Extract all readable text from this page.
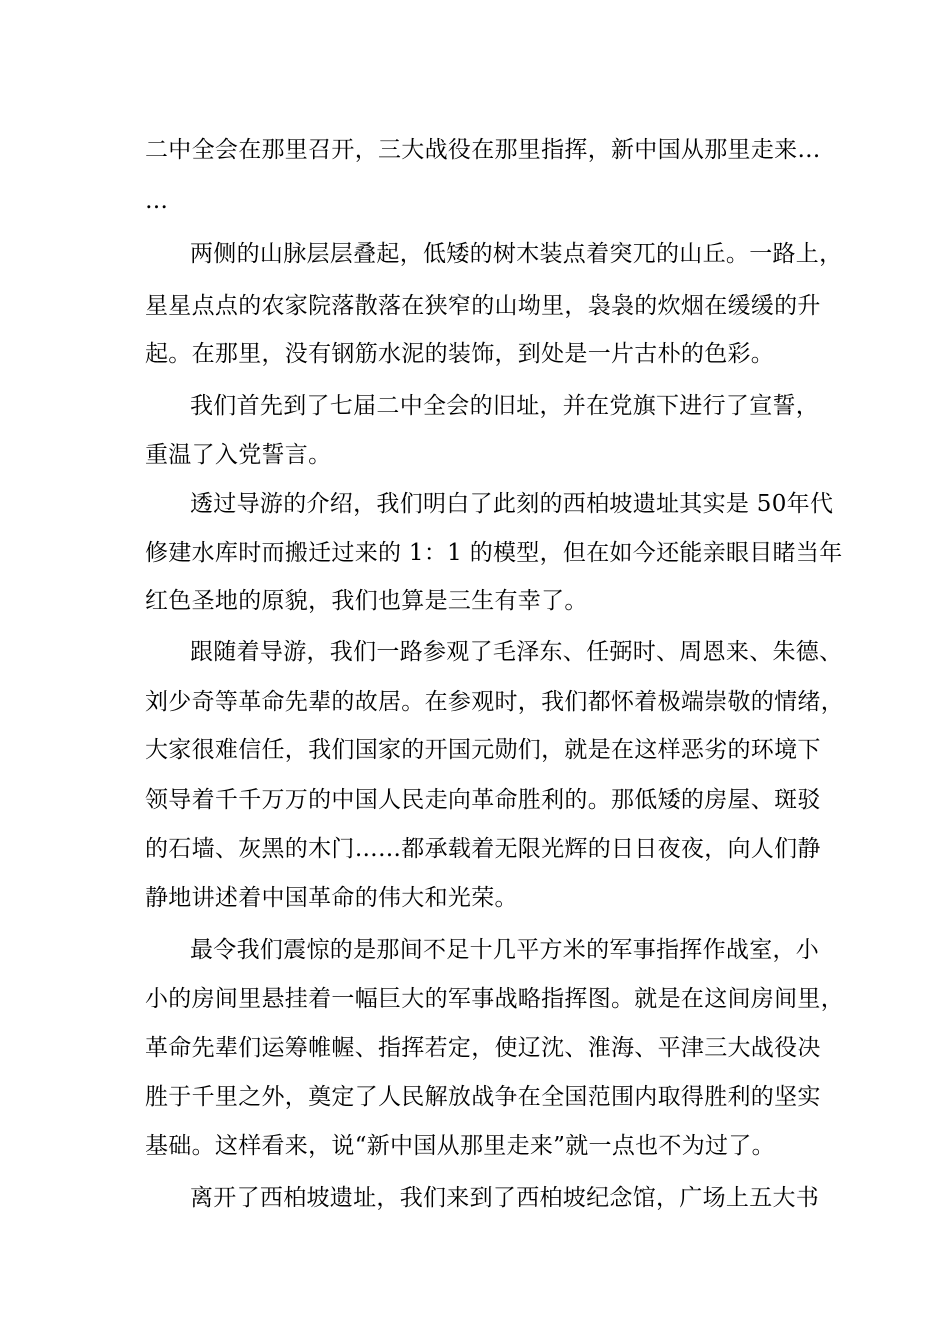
二中全会在那里召开，三大战役在那里指挥，新中国从那里走来…
…
两侧的山脉层层叠起，低矮的树木装点着突兀的山丘。一路上，
星星点点的农家院落散落在狭窄的山坳里，袅袅的炊烟在缓缓的升
起。在那里，没有钢筋水泥的装饰，到处是一片古朴的色彩。
我们首先到了七届二中全会的旧址，并在党旗下进行了宣誓，
重温了入党誓言。
透过导游的介绍，我们明白了此刻的西柏坡遗址其实是 50年代
修建水库时而搬迁过来的 1：1 的模型，但在如今还能亲眼目睹当年
红色圣地的原貌，我们也算是三生有幸了。
跟随着导游，我们一路参观了毛泽东、任弼时、周恩来、朱德、
刘少奇等革命先辈的故居。在参观时，我们都怀着极端崇敬的情绪，
大家很难信任，我们国家的开国元勋们，就是在这样恶劣的环境下
领导着千千万万的中国人民走向革命胜利的。那低矮的房屋、斑驳
的石墙、灰黑的木门……都承载着无限光辉的日日夜夜，向人们静
静地讲述着中国革命的伟大和光荣。
最令我们震惊的是那间不足十几平方米的军事指挥作战室，小
小的房间里悬挂着一幅巨大的军事战略指挥图。就是在这间房间里，
革命先辈们运筹帷幄、指挥若定，使辽沈、淮海、平津三大战役决
胜于千里之外，奠定了人民解放战争在全国范围内取得胜利的坚实
基础。这样看来，说“新中国从那里走来”就一点也不为过了。
离开了西柏坡遗址，我们来到了西柏坡纪念馆，广场上五大书
